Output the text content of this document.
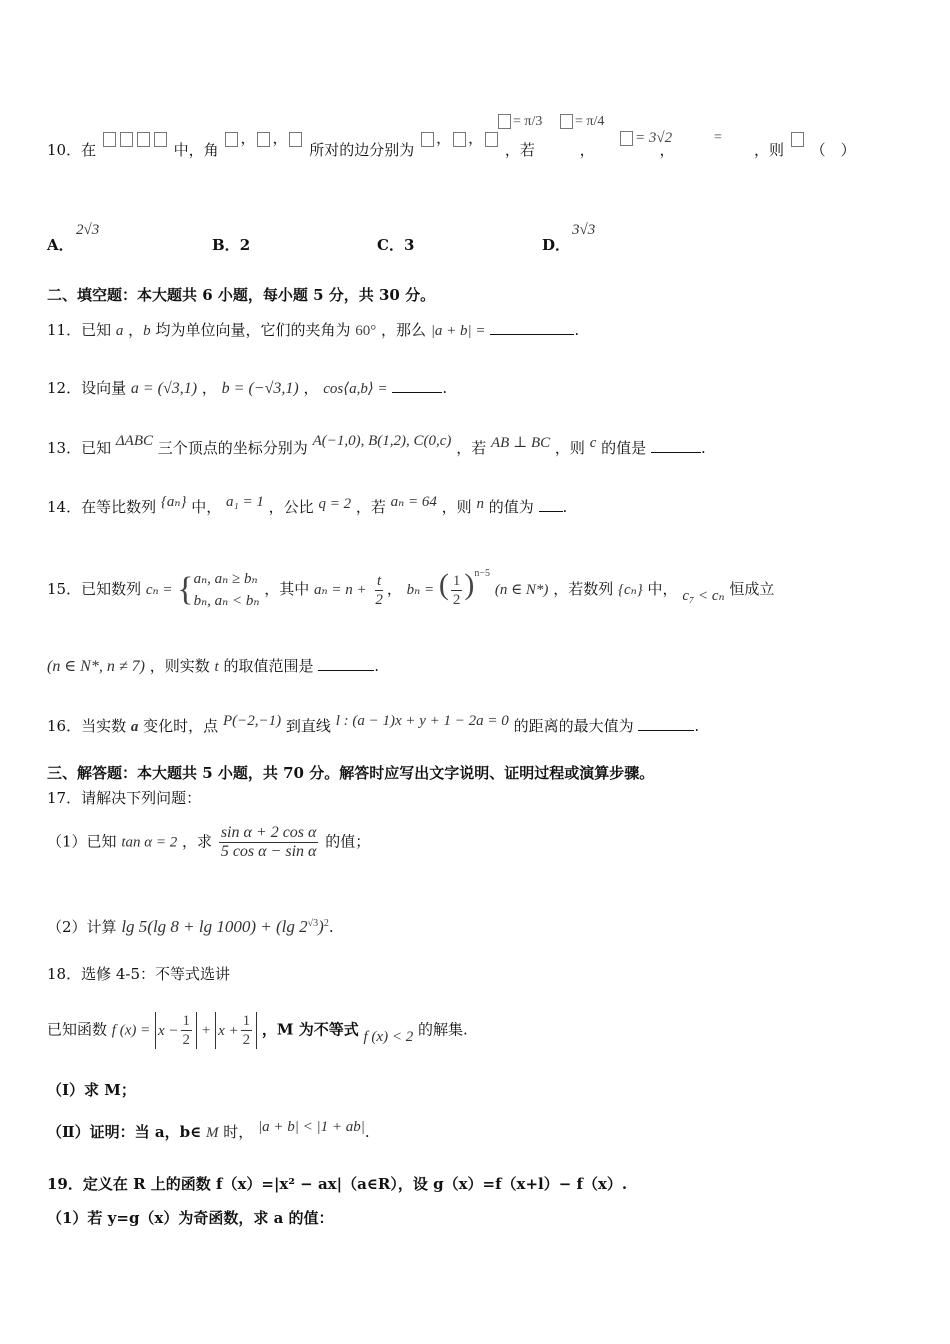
10．在	中，角 ， ， 所对的边分别为 ， ， ，若	，	，	，则 （　）
= π/3	= π/4
= 3√2	=
A．
2√3
B．2	C．3	D．
3√3
二、填空题：本大题共 6 小题，每小题 5 分，共 30 分。
11．已知 a ，b 均为单位向量，它们的夹角为 60° ，那么 |a + b| =	.
12．设向量 a = (√3,1) ， b = (−√3,1) ， cos⟨a,b⟩ =	.
13．已知 ΔABC 三个顶点的坐标分别为 A(−1,0), B(1,2), C(0,c) ，若 AB ⊥ BC ，则 c 的值是	.
14．在等比数列 {aₙ} 中， a₁ = 1 ，公比 q = 2 ，若 aₙ = 64 ，则 n 的值为 .
15．已知数列 cₙ = { aₙ, aₙ ≥ bₙ
bₙ, aₙ < bₙ
，其中 $a_n = n + \frac{t}{2}$ ， bₙ = ( $\frac{1}{2} )^{n-5}$ (n ∈ N*) ，若数列 {cₙ} 中， c₇ < cₙ 恒成立
(n ∈ N*, n ≠ 7) ，则实数 t 的取值范围是	.
16．当实数 a 变化时，点 P(−2,−1) 到直线 l : (a − 1)x + y + 1 − 2a = 0 的距离的最大值为	.
三、解答题：本大题共 5 小题，共 70 分。解答时应写出文字说明、证明过程或演算步骤。
17．请解决下列问题：
（1）已知 tan α = 2 ，求 $\frac{\text{sin α + 2 cos α}}{\text{5 cos α − sin α}}$ 的值；
（2）计算 lg 5(lg 8 + lg 1000) + (lg $2^{√3})^2$.
18．选修 4-5：不等式选讲
已知函数 f $(x) = x - \frac{1}{2} + x + \frac{1}{2}$ ，M 为不等式 f (x) < 2 的解集.
（Ⅰ）求 M；
（Ⅱ）证明：当 a，b∈ M 时， |a + b| < |1 + ab|.
19．定义在 R 上的函数 f（x）=|x² − ax|（a∈R），设 g（x）=f（x+l）− f（x）.
（1）若 y=g（x）为奇函数，求 a 的值：
